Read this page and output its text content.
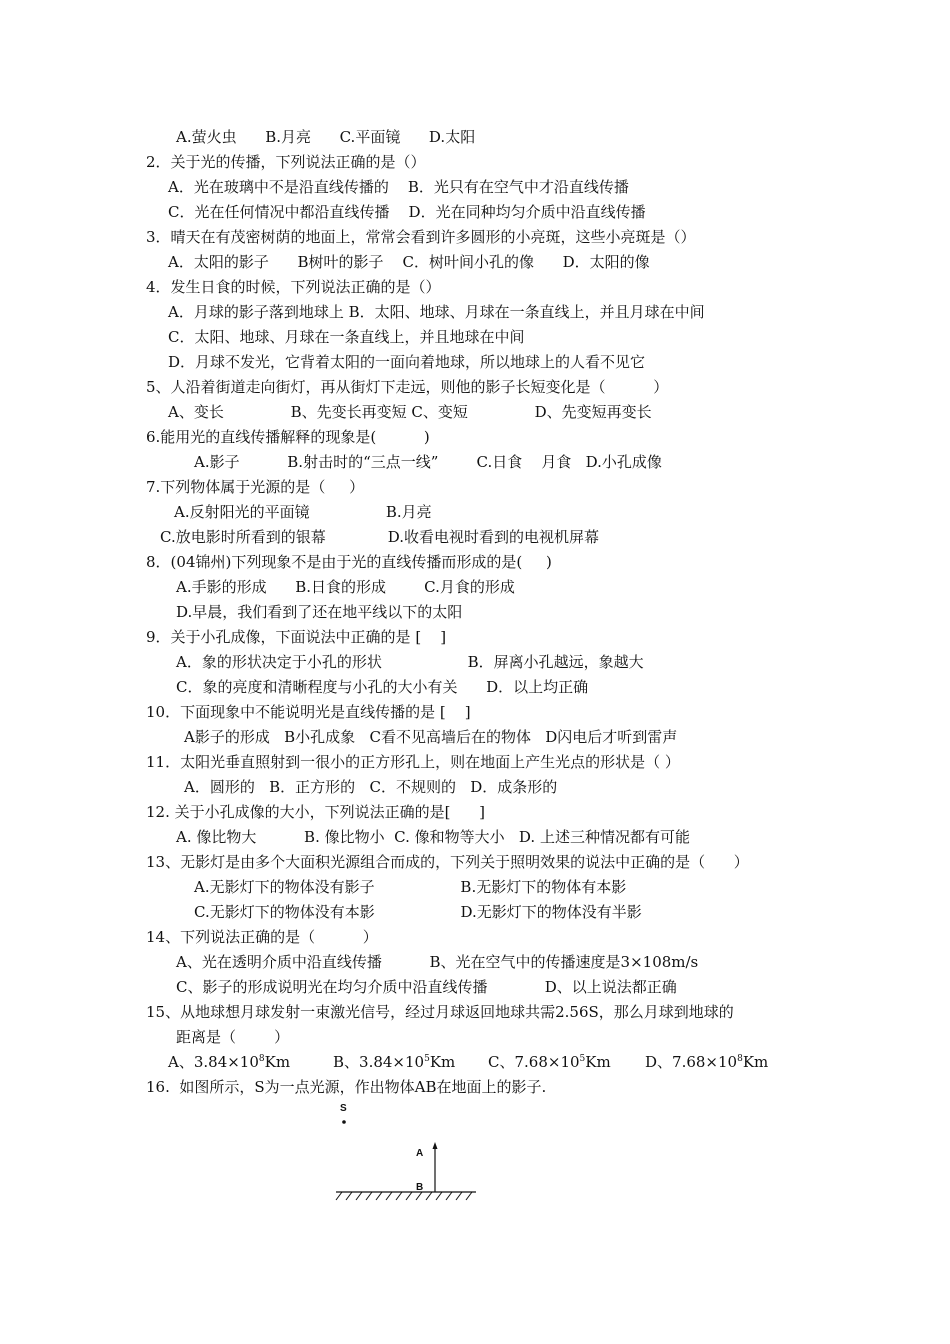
A.萤火虫      B.月亮      C.平面镜      D.太阳
2．关于光的传播，下列说法正确的是（）
A．光在玻璃中不是沿直线传播的    B．光只有在空气中才沿直线传播
C．光在任何情况中都沿直线传播    D．光在同种均匀介质中沿直线传播
3．晴天在有茂密树荫的地面上，常常会看到许多圆形的小亮斑，这些小亮斑是（）
A．太阳的影子      B树叶的影子    C．树叶间小孔的像      D．太阳的像
4．发生日食的时候，下列说法正确的是（）
A．月球的影子落到地球上 B．太阳、地球、月球在一条直线上，并且月球在中间
C．太阳、地球、月球在一条直线上，并且地球在中间
D．月球不发光，它背着太阳的一面向着地球，所以地球上的人看不见它
5、人沿着街道走向街灯，再从街灯下走远，则他的影子长短变化是（          ）
A、变长              B、先变长再变短 C、变短              D、先变短再变长
6.能用光的直线传播解释的现象是(          )
A.影子          B.射击时的“三点一线”        C.日食    月食   D.小孔成像
7.下列物体属于光源的是（     ）
A.反射阳光的平面镜                B.月亮
C.放电影时所看到的银幕             D.收看电视时看到的电视机屏幕
8．(04锦州)下列现象不是由于光的直线传播而形成的是(     )
A.手影的形成      B.日食的形成        C.月食的形成
D.早晨，我们看到了还在地平线以下的太阳
9．关于小孔成像，下面说法中正确的是 [    ]
A．象的形状决定于小孔的形状                  B．屏离小孔越远，象越大
C．象的亮度和清晰程度与小孔的大小有关      D．以上均正确
10．下面现象中不能说明光是直线传播的是 [    ]
A影子的形成   B小孔成象   C看不见高墙后在的物体   D闪电后才听到雷声
11．太阳光垂直照射到一很小的正方形孔上，则在地面上产生光点的形状是（ ）
A．圆形的   B．正方形的   C．不规则的   D．成条形的
12. 关于小孔成像的大小，下列说法正确的是[      ]
A. 像比物大          B. 像比物小  C. 像和物等大小   D. 上述三种情况都有可能
13、无影灯是由多个大面积光源组合而成的，下列关于照明效果的说法中正确的是（      ）
A.无影灯下的物体没有影子                  B.无影灯下的物体有本影
C.无影灯下的物体没有本影                  D.无影灯下的物体没有半影
14、下列说法正确的是（          ）
A、光在透明介质中沿直线传播          B、光在空气中的传播速度是3×108m/s
C、影子的形成说明光在均匀介质中沿直线传播            D、以上说法都正确
15、从地球想月球发射一束激光信号，经过月球返回地球共需2.56S，那么月球到地球的
距离是（        ）
A、$3.84\times 10^8Km$	B、$3.84\times 10^5Km$ C、$7.68\times 10^5Km$ D、$7.68\times 10^8Km$
16.  如图所示，S为一点光源，作出物体AB在地面上的影子.
S
A
B
